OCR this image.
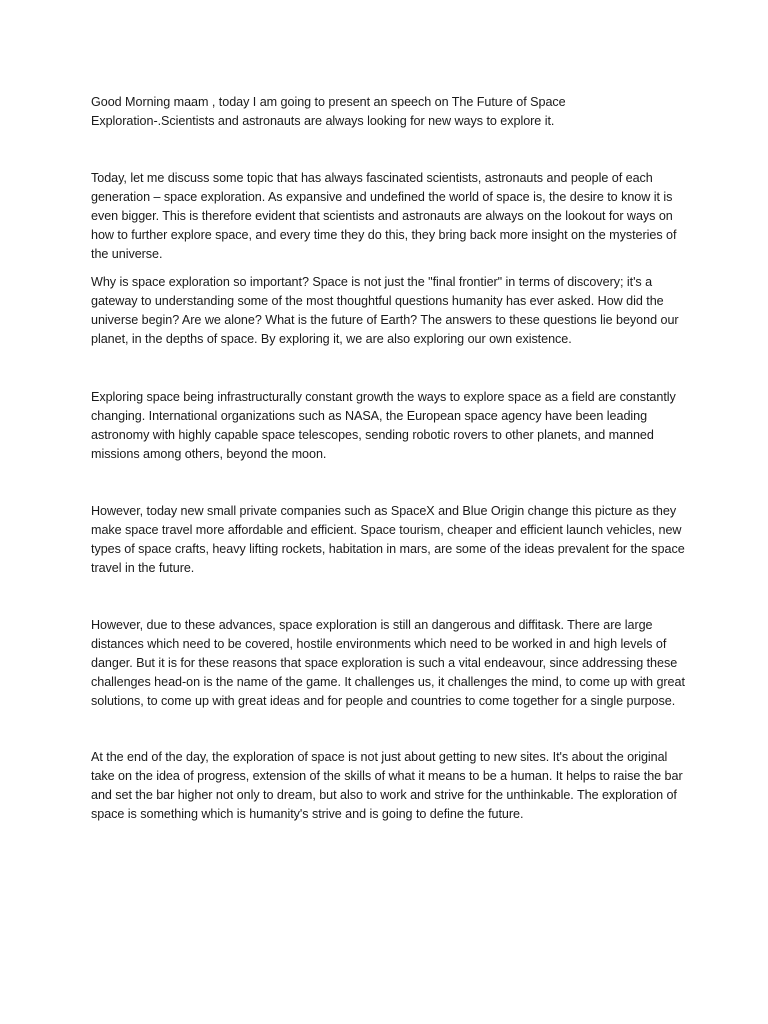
Good Morning maam , today I am going to present an speech on The Future of Space Exploration-.Scientists and astronauts are always looking for new ways to explore it.

Today, let me discuss some topic that has always fascinated scientists, astronauts and people of each generation – space exploration. As expansive and undefined the world of space is, the desire to know it is even bigger. This is therefore evident that scientists and astronauts are always on the lookout for ways on how to further explore space, and every time they do this, they bring back more insight on the mysteries of the universe.

Why is space exploration so important? Space is not just the "final frontier" in terms of discovery; it's a gateway to understanding some of the most thoughtful questions humanity has ever asked. How did the universe begin? Are we alone? What is the future of Earth? The answers to these questions lie beyond our planet, in the depths of space. By exploring it, we are also exploring our own existence.

Exploring space being infrastructurally constant growth the ways to explore space as a field are constantly changing. International organizations such as NASA, the European space agency have been leading astronomy with highly capable space telescopes, sending robotic rovers to other planets, and manned missions among others, beyond the moon.

However, today new small private companies such as SpaceX and Blue Origin change this picture as they make space travel more affordable and efficient. Space tourism, cheaper and efficient launch vehicles, new types of space crafts, heavy lifting rockets, habitation in mars, are some of the ideas prevalent for the space travel in the future.

However, due to these advances, space exploration is still an dangerous and diffitask. There are large distances which need to be covered, hostile environments which need to be worked in and high levels of danger. But it is for these reasons that space exploration is such a vital endeavour, since addressing these challenges head-on is the name of the game. It challenges us, it challenges the mind, to come up with great solutions, to come up with great ideas and for people and countries to come together for a single purpose.

At the end of the day, the exploration of space is not just about getting to new sites. It's about the original take on the idea of progress, extension of the skills of what it means to be a human. It helps to raise the bar and set the bar higher not only to dream, but also to work and strive for the unthinkable. The exploration of space is something which is humanity's strive and is going to define the future.
